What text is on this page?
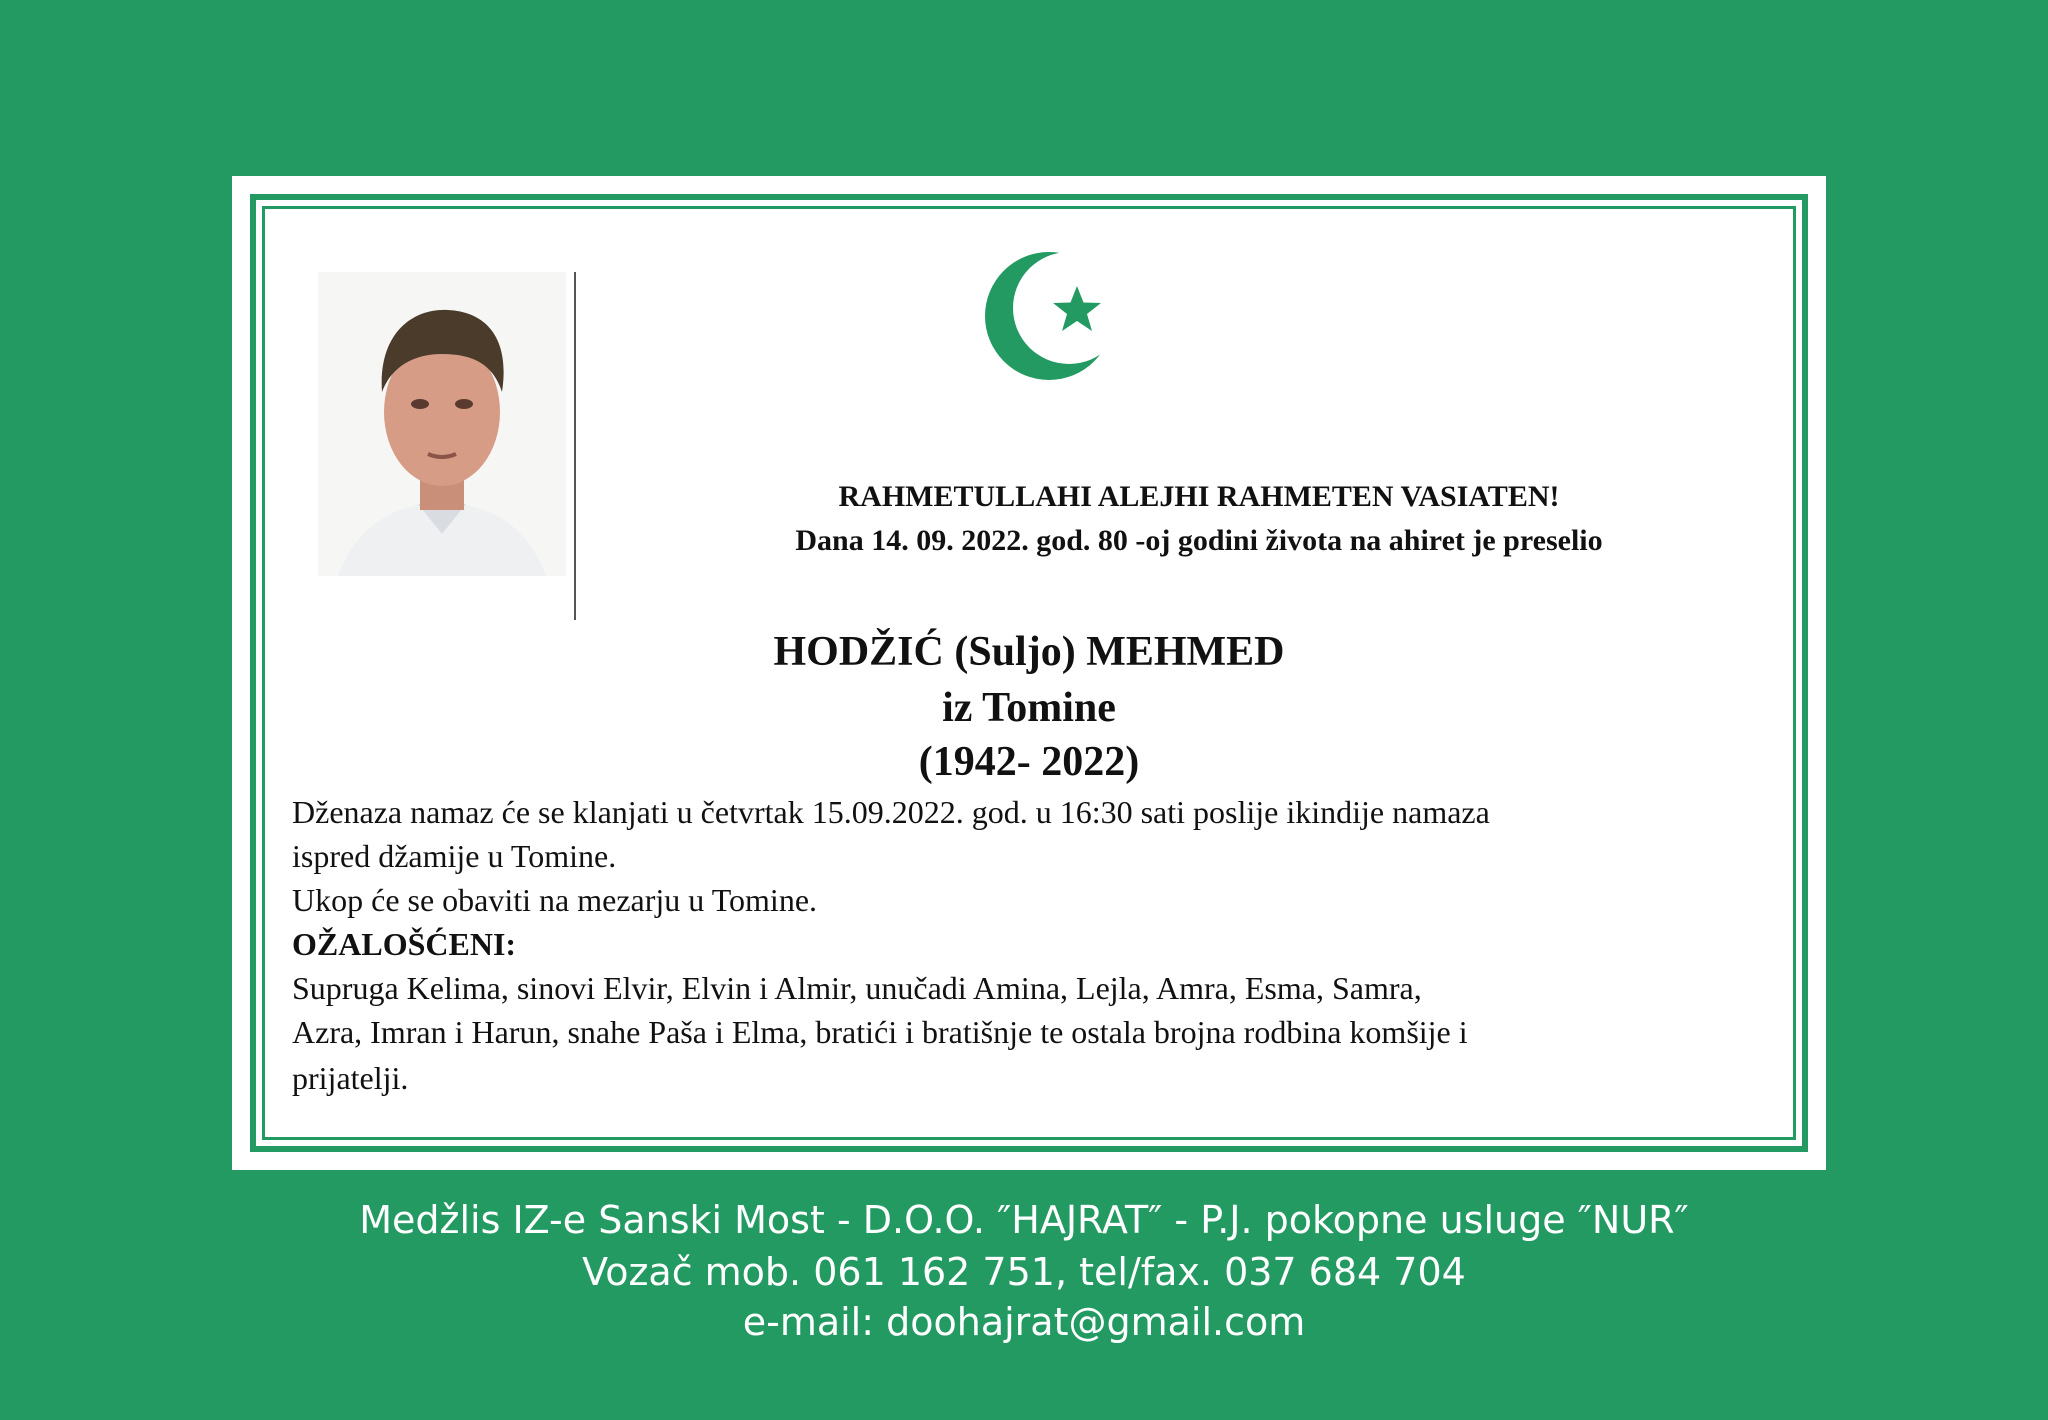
RAHMETULLAHI ALEJHI RAHMETEN VASIATEN!
Dana 14. 09. 2022. god. 80 -oj godini života na ahiret je preselio
HODŽIĆ (Suljo) MEHMED
iz Tomine
(1942- 2022)
Dženaza namaz će se klanjati u četvrtak 15.09.2022. god. u 16:30 sati poslije ikindije namaza
ispred džamije u Tomine.
Ukop će se obaviti na mezarju u Tomine.
OŽALOŠĆENI:
Supruga Kelima, sinovi Elvir, Elvin i Almir, unučadi Amina, Lejla, Amra, Esma, Samra,
Azra, Imran i Harun, snahe Paša i Elma, bratići i bratišnje te ostala brojna rodbina komšije i
prijatelji.
Medžlis IZ-e Sanski Most - D.O.O. ″HAJRAT″ - P.J. pokopne usluge ″NUR″
Vozač mob. 061 162 751, tel/fax. 037 684 704
e-mail: doohajrat@gmail.com
